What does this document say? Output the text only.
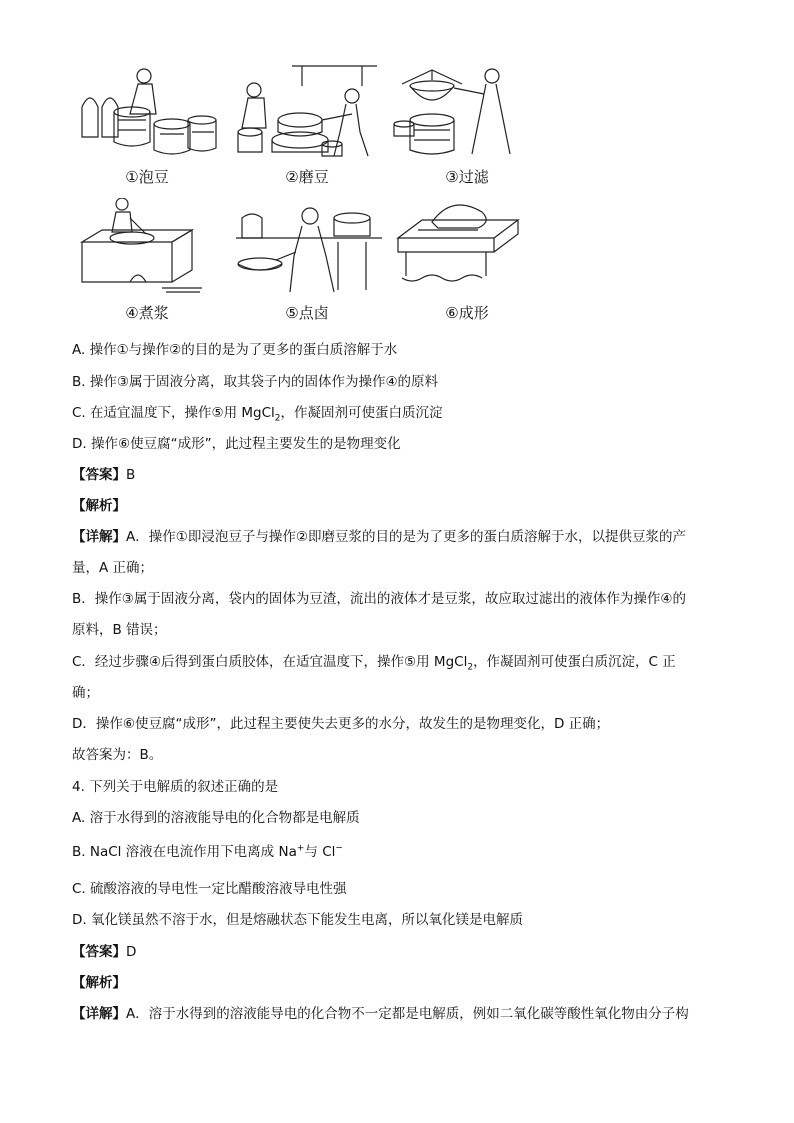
①泡豆	②磨豆	③过滤
④煮浆	⑤点卤	⑥成形
A. 操作①与操作②的目的是为了更多的蛋白质溶解于水
B. 操作③属于固液分离，取其袋子内的固体作为操作④的原料
C. 在适宜温度下，操作⑤用 MgCl$_2$，作凝固剂可使蛋白质沉淀
D. 操作⑥使豆腐“成形”，此过程主要发生的是物理变化
【答案】B
【解析】
【详解】A．操作①即浸泡豆子与操作②即磨豆浆的目的是为了更多的蛋白质溶解于水，以提供豆浆的产
量，A 正确；
B．操作③属于固液分离，袋内的固体为豆渣，流出的液体才是豆浆，故应取过滤出的液体作为操作④的
原料，B 错误；
C．经过步骤④后得到蛋白质胶体，在适宜温度下，操作⑤用 MgCl$_2$，作凝固剂可使蛋白质沉淀，C 正
确；
D．操作⑥使豆腐“成形”，此过程主要使失去更多的水分，故发生的是物理变化，D 正确；
故答案为：B。
4. 下列关于电解质的叙述正确的是
A. 溶于水得到的溶液能导电的化合物都是电解质
B. NaCl 溶液在电流作用下电离成 Na+与 Cl−
C. 硫酸溶液的导电性一定比醋酸溶液导电性强
D. 氧化镁虽然不溶于水，但是熔融状态下能发生电离，所以氧化镁是电解质
【答案】D
【解析】
【详解】A．溶于水得到的溶液能导电的化合物不一定都是电解质，例如二氧化碳等酸性氧化物由分子构
